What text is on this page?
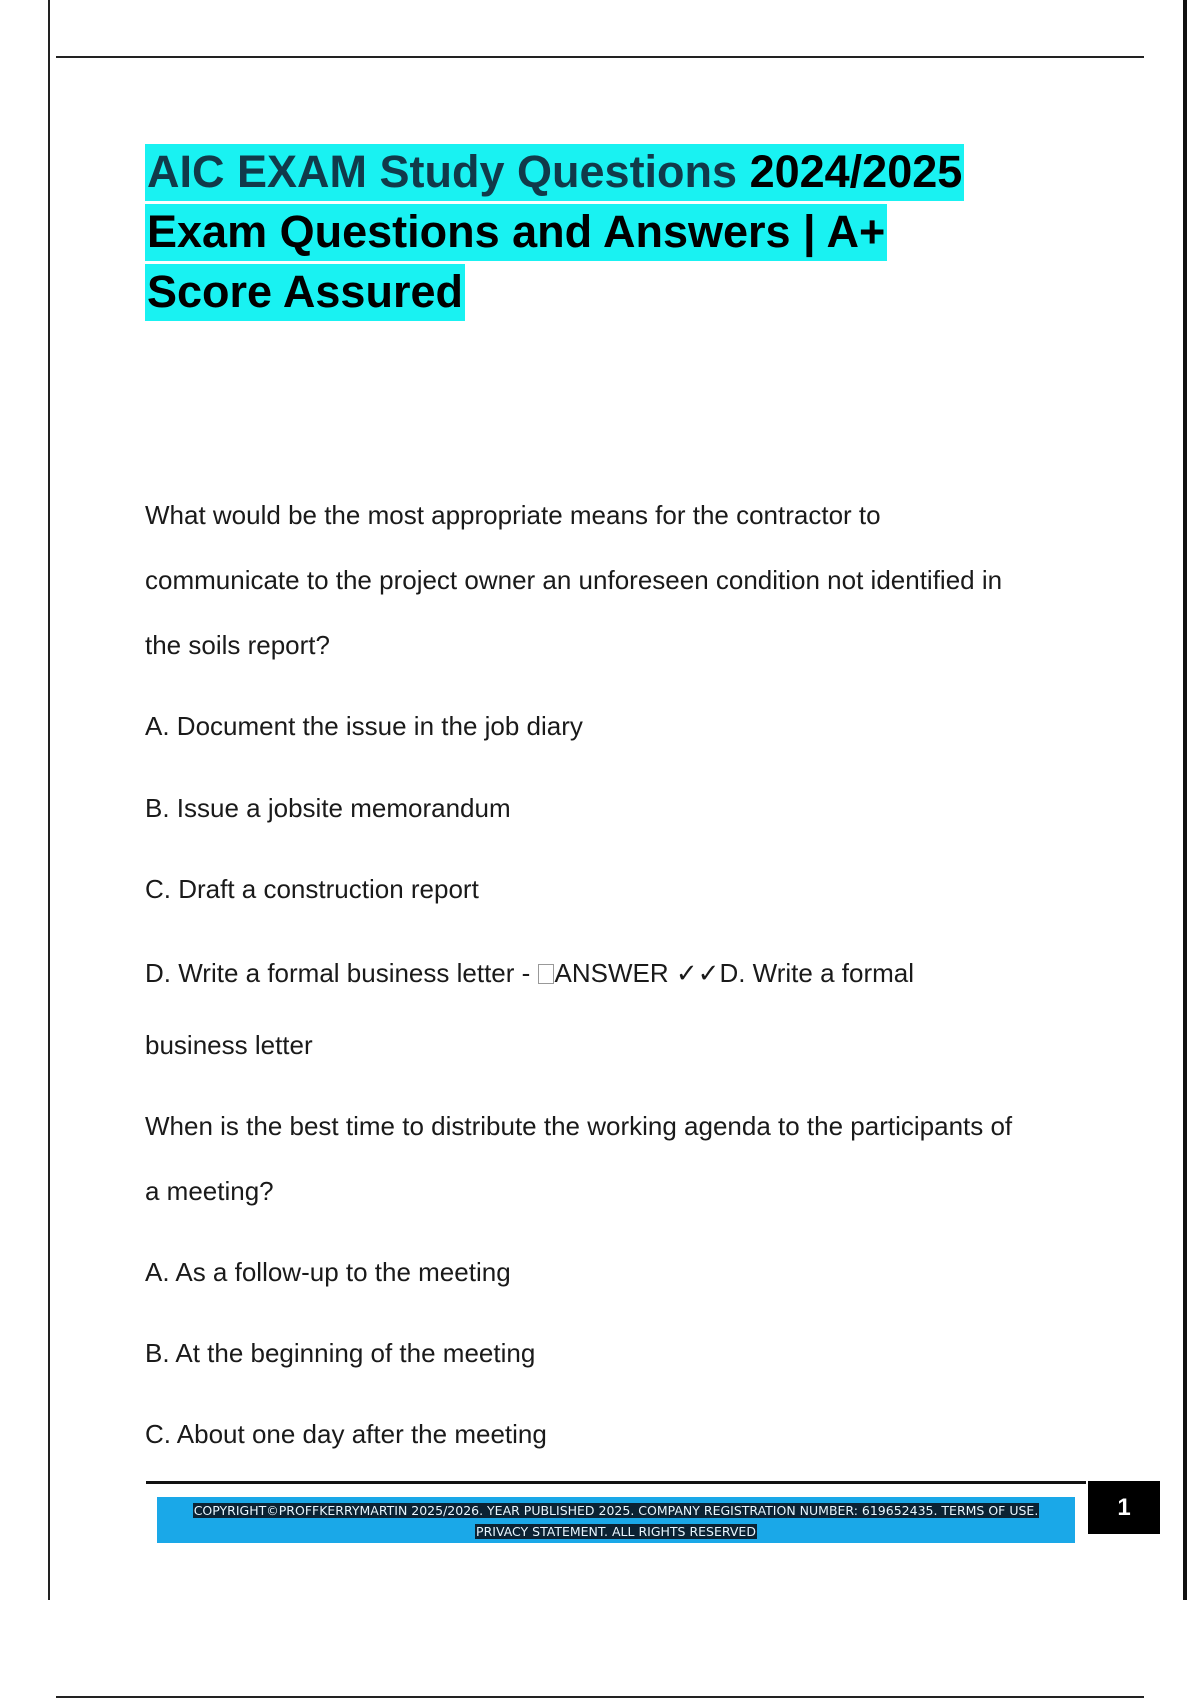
AIC EXAM Study Questions 2024/2025
Exam Questions and Answers | A+
Score Assured

What would be the most appropriate means for the contractor to

communicate to the project owner an unforeseen condition not identified in

the soils report?

A. Document the issue in the job diary

B. Issue a jobsite memorandum

C. Draft a construction report

D. Write a formal business letter - ANSWER ✓✓D. Write a formal

business letter

When is the best time to distribute the working agenda to the participants of

a meeting?

A. As a follow-up to the meeting

B. At the beginning of the meeting

C. About one day after the meeting

COPYRIGHT©PROFFKERRYMARTIN 2025/2026. YEAR PUBLISHED 2025. COMPANY REGISTRATION NUMBER: 619652435. TERMS OF USE.
PRIVACY STATEMENT. ALL RIGHTS RESERVED
1
